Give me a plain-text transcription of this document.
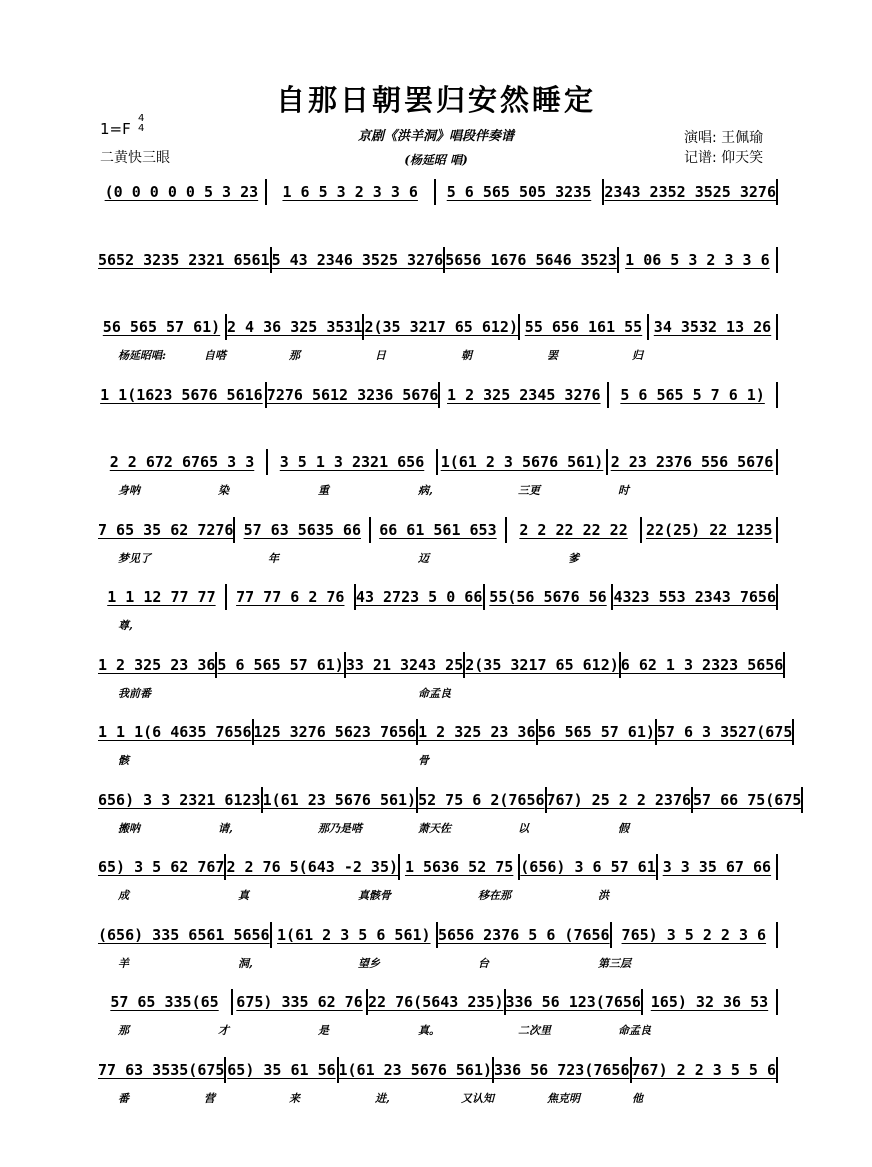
自那日朝罢归安然睡定
1=F
4
4
二黄快三眼
京剧《洪羊洞》唱段伴奏谱
(杨延昭 唱)
演唱: 王佩瑜
记谱: 仰天笑
(0 0 0 0 0 5 3 23	1 6 5 3 2 3 3 6	5 6 565 505 3235 2343 2352 3525 3276
5652 3235 2321 6561 5 43 2346 3525 3276 5656 1676 5646 3523 1 06 5 3 2 3 3 6
56 565 57 61) 2 4 36 325 3531 2(35 3217 65 612) 55 656 161 55 34 3532 13 26
杨延昭唱:	自嗒	那	日	朝	罢	归
1 1(1623 5676 5616 7276 5612 3236 5676 1 2 325 2345 3276	5 6 565 5 7 6 1)
2 2 672 6765 3 3	3 5 1 3 2321 656	1(61 2 3 5676 561) 2 23 2376 556 5676
身呐	染	重	病,	三更	时
7 65 35 62 7276 57 63 5635 66	66 61 561 653	2 2 22 22 22	22(25) 22 1235
梦见了	年	迈	爹
1 1 12 77 77	77 77 6 2 76 43 2723 5 0 66 55(56 5676 56 4323 553 2343 7656
尊,
1 2 325 23 36 5 6 565 57 61) 33 21 3243 25 2(35 3217 65 612) 6 62 1 3 2323 5656
我前番	命孟良
1 1 1(6 4635 7656 125 3276 5623 7656 1 2 325 23 36 56 565 57 61) 57 6 3 3527(675
骸	骨
656) 3 3 2321 6123 1(61 23 5676 561) 52 75 6 2(7656 767) 25 2 2 2376 57 66 75(675
搬呐	请,	那乃是嗒	萧天佐	以	假
65) 3 5 62 767 2 2 76 5(643 -2 35) 1 5636 52 75 (656) 3 6 57 61 3 3 35 67 66
成	真	真骸骨	移在那	洪
(656) 335 6561 5656 1(61 2 3 5 6 561) 5656 2376 5 6 (7656 765) 3 5 2 2 3 6
羊	洞,	望乡	台	第三层
57 65 335(65	675) 335 62 76 22 76(5643 235) 336 56 123(7656 165) 32 36 53
那	才	是	真。	二次里	命孟良
77 63 3535(675 65) 35 61 56 1(61 23 5676 561) 336 56 723(7656 767) 2 2 3 5 5 6
番	营	来	进,	又认知	焦克明	他
